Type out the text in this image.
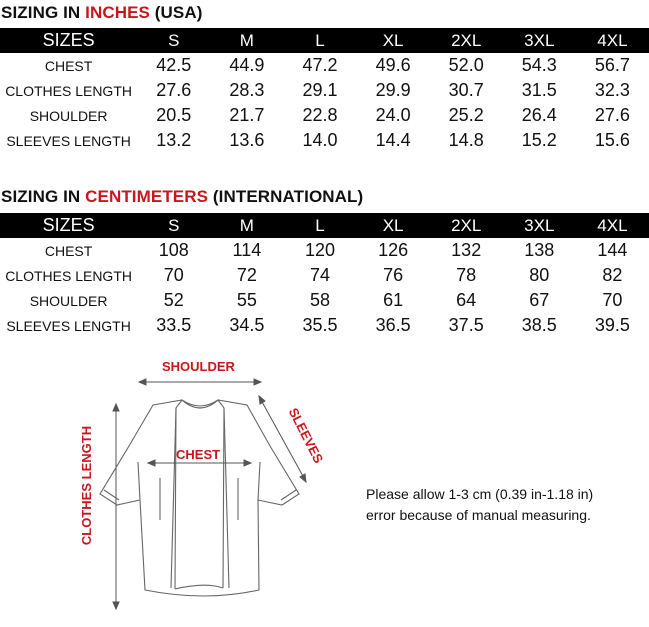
SIZING IN INCHES (USA)
SIZES	S	M	L	XL	2XL	3XL	4XL
CHEST	42.5	44.9	47.2	49.6	52.0	54.3	56.7
CLOTHES LENGTH	27.6	28.3	29.1	29.9	30.7	31.5	32.3
SHOULDER	20.5	21.7	22.8	24.0	25.2	26.4	27.6
SLEEVES LENGTH	13.2	13.6	14.0	14.4	14.8	15.2	15.6
SIZING IN CENTIMETERS (INTERNATIONAL)
SIZES	S	M	L	XL	2XL	3XL	4XL
CHEST	108	114	120	126	132	138	144
CLOTHES LENGTH	70	72	74	76	78	80	82
SHOULDER	52	55	58	61	64	67	70
SLEEVES LENGTH	33.5	34.5	35.5	36.5	37.5	38.5	39.5
SHOULDER
CHEST	SLEEVES
CLOTHES LENGTH	Please allow 1-3 cm (0.39 in-1.18 in)
error because of manual measuring.
